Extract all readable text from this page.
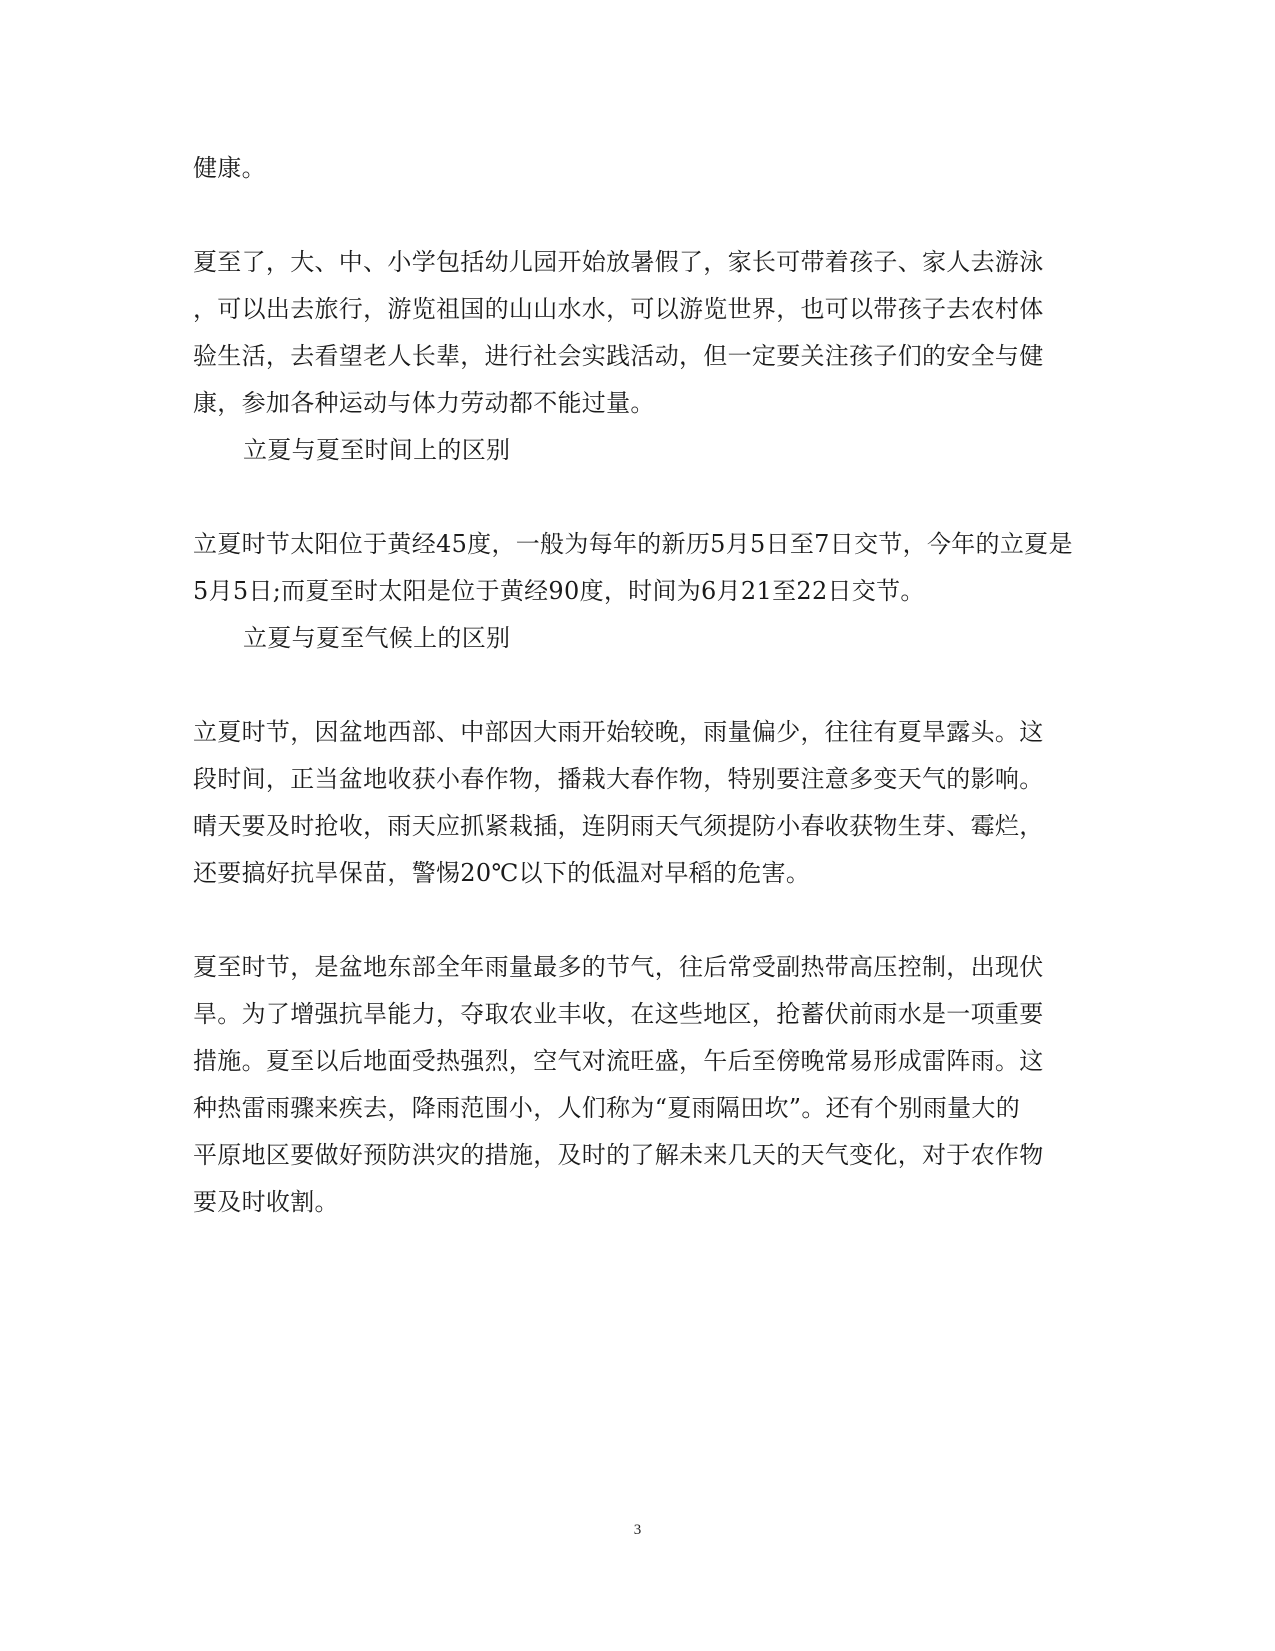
健康。
夏至了，大、中、小学包括幼儿园开始放暑假了，家长可带着孩子、家人去游泳
，可以出去旅行，游览祖国的山山水水，可以游览世界，也可以带孩子去农村体
验生活，去看望老人长辈，进行社会实践活动，但一定要关注孩子们的安全与健
康，参加各种运动与体力劳动都不能过量。
立夏与夏至时间上的区别
立夏时节太阳位于黄经45度，一般为每年的新历5月5日至7日交节，今年的立夏是
5月5日;而夏至时太阳是位于黄经90度，时间为6月21至22日交节。
立夏与夏至气候上的区别
立夏时节，因盆地西部、中部因大雨开始较晚，雨量偏少，往往有夏旱露头。这
段时间，正当盆地收获小春作物，播栽大春作物，特别要注意多变天气的影响。
晴天要及时抢收，雨天应抓紧栽插，连阴雨天气须提防小春收获物生芽、霉烂，
还要搞好抗旱保苗，警惕20℃以下的低温对早稻的危害。
夏至时节，是盆地东部全年雨量最多的节气，往后常受副热带高压控制，出现伏
旱。为了增强抗旱能力，夺取农业丰收，在这些地区，抢蓄伏前雨水是一项重要
措施。夏至以后地面受热强烈，空气对流旺盛，午后至傍晚常易形成雷阵雨。这
种热雷雨骤来疾去，降雨范围小，人们称为“夏雨隔田坎”。还有个别雨量大的
平原地区要做好预防洪灾的措施，及时的了解未来几天的天气变化，对于农作物
要及时收割。
3
